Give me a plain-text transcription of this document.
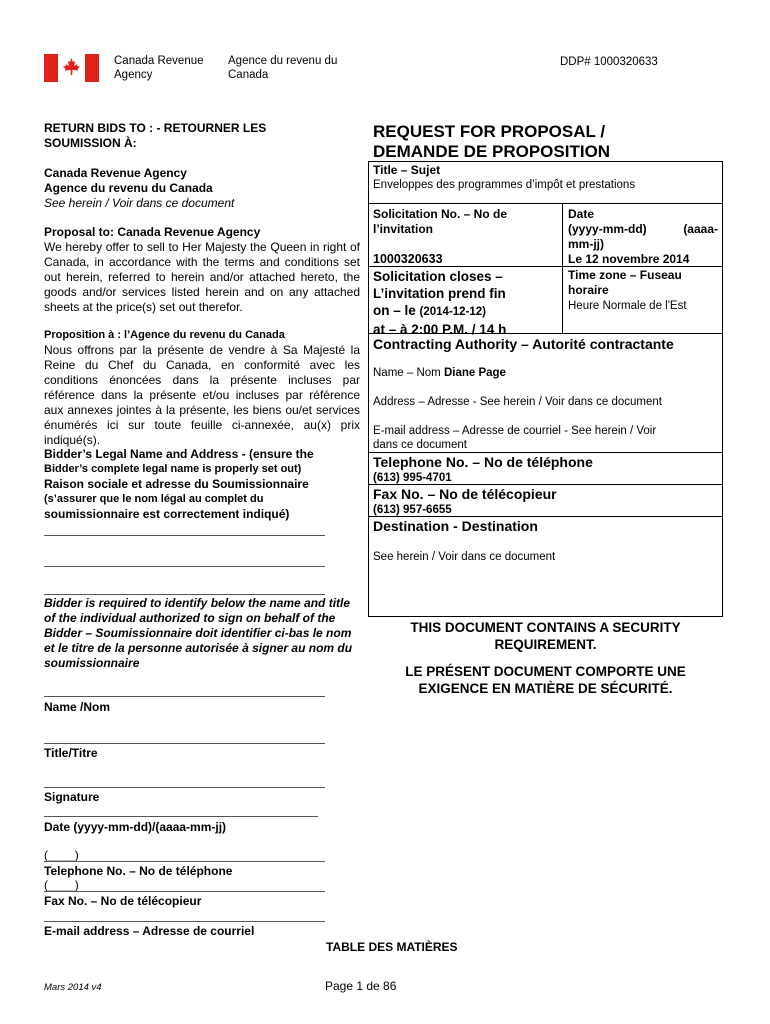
Canada Revenue
Agency
Agence du revenu du
Canada
DDP# 1000320633
RETURN BIDS TO : - RETOURNER LES
SOUMISSION À:
Canada Revenue Agency
Agence du revenu du Canada
See herein / Voir dans ce document
Proposal to: Canada Revenue Agency
We hereby offer to sell to Her Majesty the Queen in right of Canada, in accordance with the terms and conditions set out herein, referred to herein and/or attached hereto, the goods and/or services listed herein and on any attached sheets at the price(s) set out therefor.
Proposition à : l’Agence du revenu du Canada
Nous offrons par la présente de vendre à Sa Majesté la Reine du Chef du Canada, en conformité avec les conditions énoncées dans la présente incluses par référence dans la présente et/ou incluses par référence aux annexes jointes à la présente, les biens ou/et services énumérés ici sur toute feuille ci-annexée, au(x) prix indiqué(s).
Bidder’s Legal Name and Address - (ensure the
Bidder’s complete legal name is properly set out)
Raison sociale et adresse du Soumissionnaire
(s’assurer que le nom légal au complet du
soumissionnaire est correctement indiqué)
Bidder is required to identify below the name and title of the individual authorized to sign on behalf of the Bidder – Soumissionnaire doit identifier ci-bas le nom et le titre de la personne autorisée à signer au nom du soumissionnaire
Name /Nom
Title/Titre
Signature
Date (yyyy-mm-dd)/(aaaa-mm-jj)
(____)
Telephone No. – No de téléphone
(____)
Fax No. – No de télécopieur
E-mail address – Adresse de courriel
REQUEST FOR PROPOSAL /
DEMANDE DE PROPOSITION
Title – Sujet
Enveloppes des programmes d’impôt et prestations
Solicitation No. – No de
l’invitation
1000320633
Date
(yyyy-mm-dd)	(aaaa-
mm-jj)
Le 12 novembre 2014
Solicitation closes –
L’invitation prend fin
on – le (2014-12-12)
at – à 2:00 P.M. / 14 h
Time zone – Fuseau
horaire
Heure Normale de l'Est
Contracting Authority – Autorité contractante
Name – Nom Diane Page
Address – Adresse - See herein / Voir dans ce document
E-mail address – Adresse de courriel - See herein / Voir
dans ce document
Telephone No. – No de téléphone
(613) 995-4701
Fax No. – No de télécopieur
(613) 957-6655
Destination - Destination
See herein / Voir dans ce document
THIS DOCUMENT CONTAINS A SECURITY
REQUIREMENT.
LE PRÉSENT DOCUMENT COMPORTE UNE
EXIGENCE EN MATIÈRE DE SÉCURITÉ.
TABLE DES MATIÈRES
Mars 2014 v4	Page 1 de 86
